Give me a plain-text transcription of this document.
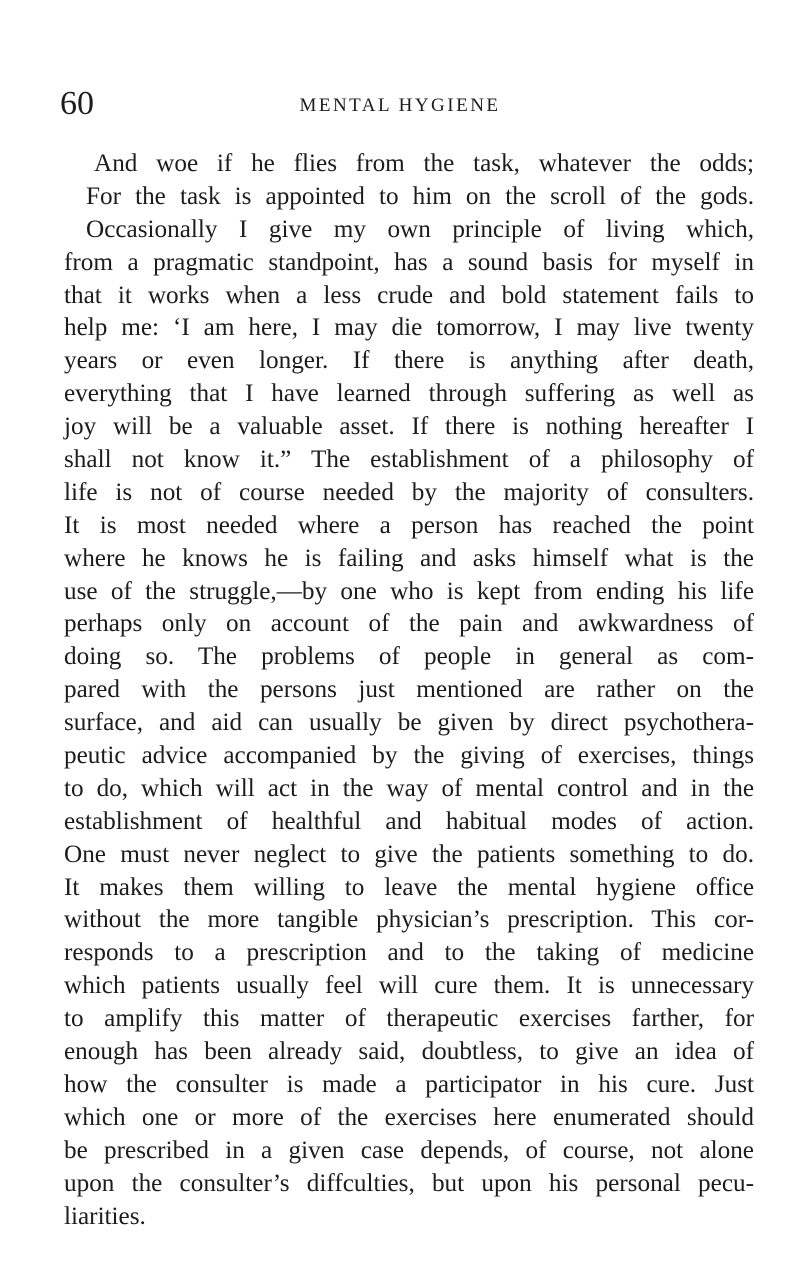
60	MENTAL HYGIENE
And woe if he flies from the task, whatever the odds;
For the task is appointed to him on the scroll of the gods.
Occasionally I give my own principle of living which,
from a pragmatic standpoint, has a sound basis for myself in
that it works when a less crude and bold statement fails to
help me: ‘I am here, I may die tomorrow, I may live twenty
years or even longer. If there is anything after death,
everything that I have learned through suffering as well as
joy will be a valuable asset. If there is nothing hereafter I
shall not know it.” The establishment of a philosophy of
life is not of course needed by the majority of consulters.
It is most needed where a person has reached the point
where he knows he is failing and asks himself what is the
use of the struggle,—by one who is kept from ending his life
perhaps only on account of the pain and awkwardness of
doing so. The problems of people in general as com-
pared with the persons just mentioned are rather on the
surface, and aid can usually be given by direct psychothera-
peutic advice accompanied by the giving of exercises, things
to do, which will act in the way of mental control and in the
establishment of healthful and habitual modes of action.
One must never neglect to give the patients something to do.
It makes them willing to leave the mental hygiene office
without the more tangible physician’s prescription. This cor-
responds to a prescription and to the taking of medicine
which patients usually feel will cure them. It is unnecessary
to amplify this matter of therapeutic exercises farther, for
enough has been already said, doubtless, to give an idea of
how the consulter is made a participator in his cure. Just
which one or more of the exercises here enumerated should
be prescribed in a given case depends, of course, not alone
upon the consulter’s diffculties, but upon his personal pecu-
liarities.
